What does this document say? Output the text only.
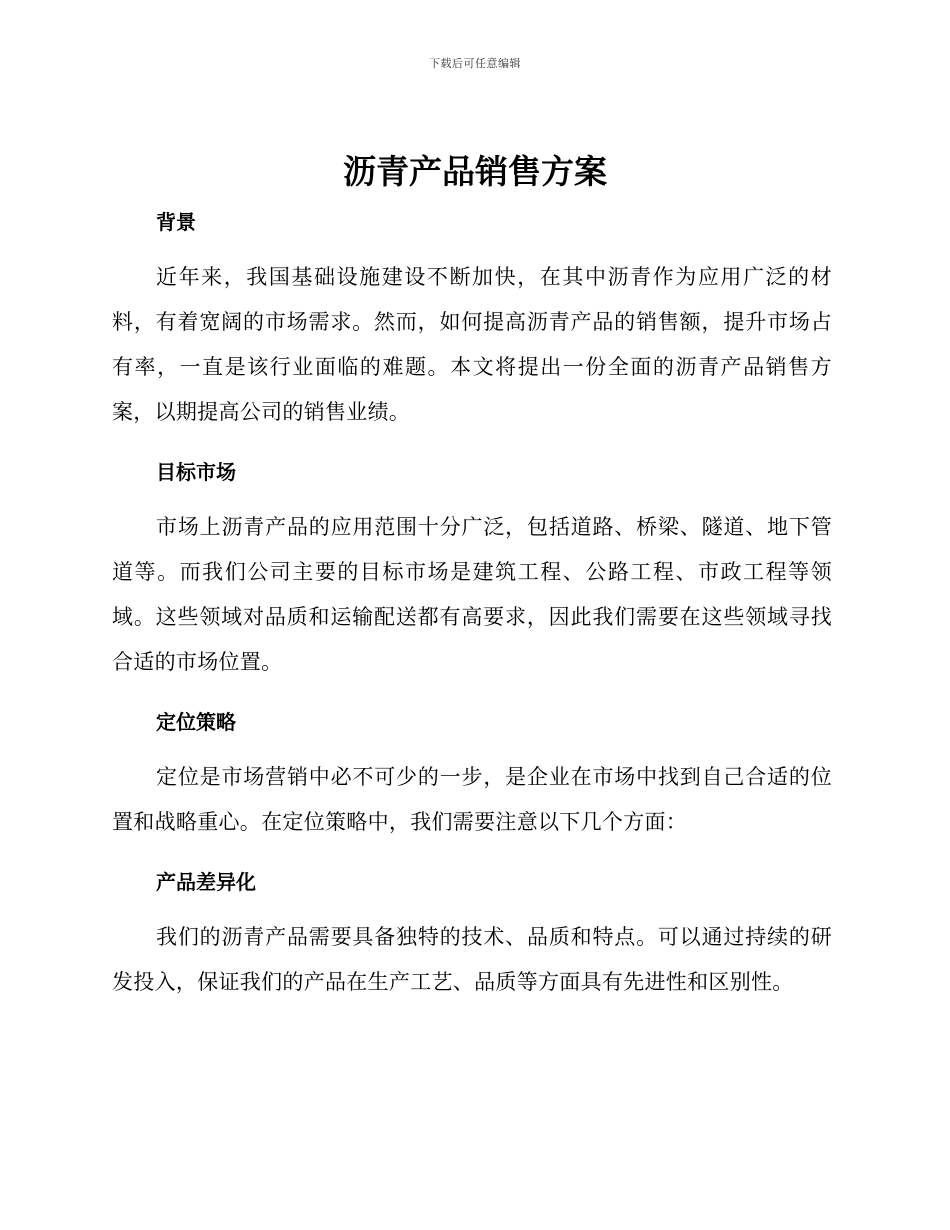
下载后可任意编辑
沥青产品销售方案
背景

近年来，我国基础设施建设不断加快，在其中沥青作为应用广泛的材料，有着宽阔的市场需求。然而，如何提高沥青产品的销售额，提升市场占有率，一直是该行业面临的难题。本文将提出一份全面的沥青产品销售方案，以期提高公司的销售业绩。

目标市场

市场上沥青产品的应用范围十分广泛，包括道路、桥梁、隧道、地下管道等。而我们公司主要的目标市场是建筑工程、公路工程、市政工程等领域。这些领域对品质和运输配送都有高要求，因此我们需要在这些领域寻找合适的市场位置。

定位策略

定位是市场营销中必不可少的一步，是企业在市场中找到自己合适的位置和战略重心。在定位策略中，我们需要注意以下几个方面：

产品差异化

我们的沥青产品需要具备独特的技术、品质和特点。可以通过持续的研发投入，保证我们的产品在生产工艺、品质等方面具有先进性和区别性。
